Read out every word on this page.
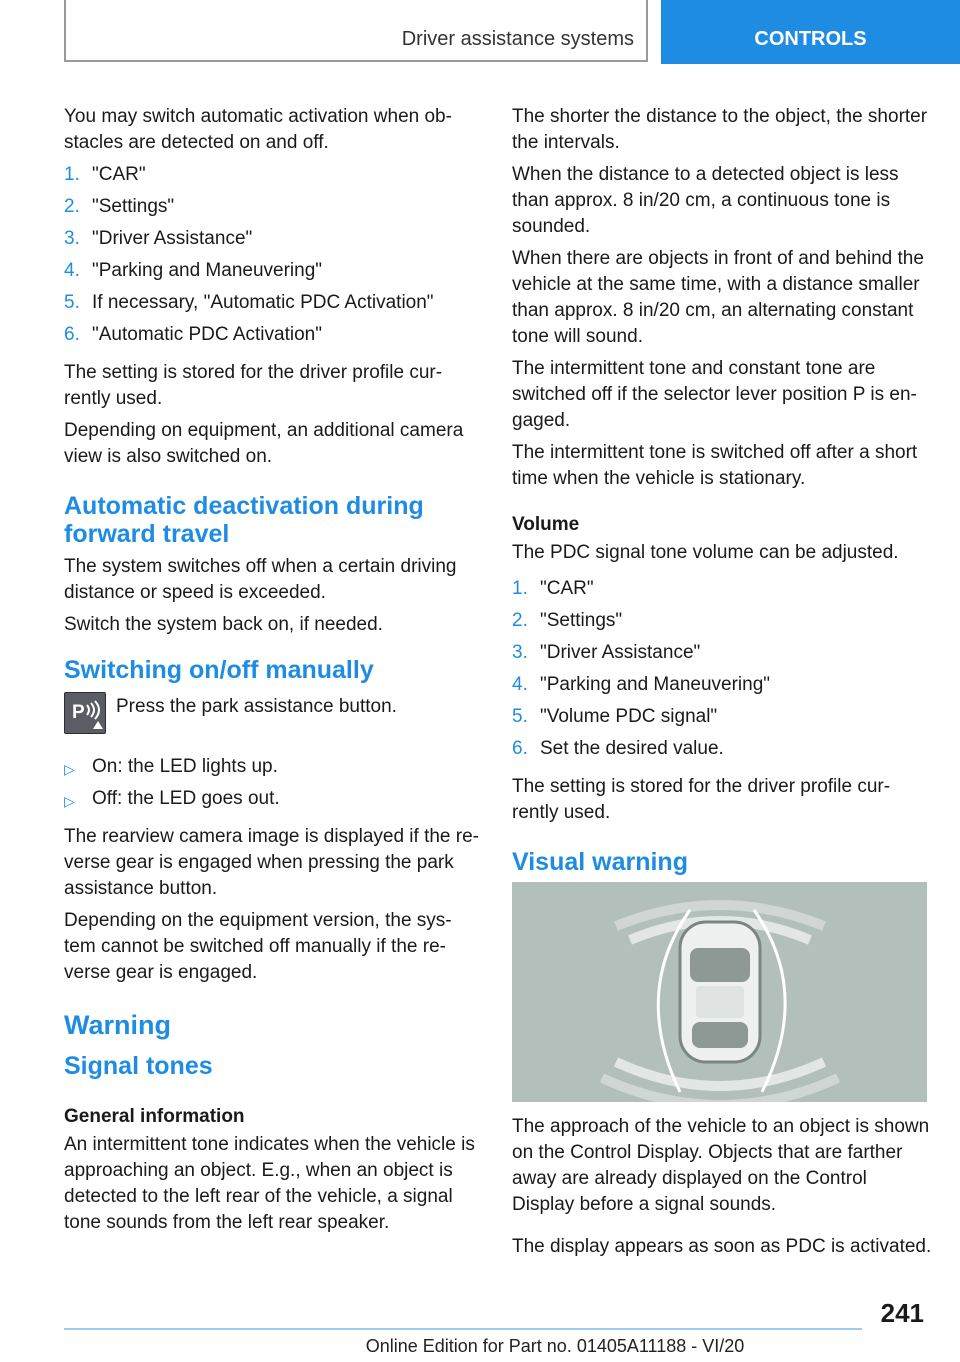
Driver assistance systems	CONTROLS

You may switch automatic activation when ob-stacles are detected on and off.

1. "CAR"
2. "Settings"
3. "Driver Assistance"
4. "Parking and Maneuvering"
5. If necessary, "Automatic PDC Activation"
6. "Automatic PDC Activation"

The setting is stored for the driver profile cur-rently used.

Depending on equipment, an additional camera view is also switched on.

Automatic deactivation during forward travel

The system switches off when a certain driving distance or speed is exceeded.

Switch the system back on, if needed.

Switching on/off manually
P	Press the park assistance button.
▷ On: the LED lights up.
▷ Off: the LED goes out.

The rearview camera image is displayed if the re-verse gear is engaged when pressing the park assistance button.

Depending on the equipment version, the sys-tem cannot be switched off manually if the re-verse gear is engaged.

Warning
Signal tones
General information

An intermittent tone indicates when the vehicle is approaching an object. E.g., when an object is detected to the left rear of the vehicle, a signal tone sounds from the left rear speaker.

The shorter the distance to the object, the shorter the intervals.

When the distance to a detected object is less than approx. 8 in/20 cm, a continuous tone is sounded.

When there are objects in front of and behind the vehicle at the same time, with a distance smaller than approx. 8 in/20 cm, an alternating constant tone will sound.

The intermittent tone and constant tone are switched off if the selector lever position P is en-gaged.

The intermittent tone is switched off after a short time when the vehicle is stationary.

Volume

The PDC signal tone volume can be adjusted.

1. "CAR"
2. "Settings"
3. "Driver Assistance"
4. "Parking and Maneuvering"
5. "Volume PDC signal"
6. Set the desired value.

The setting is stored for the driver profile cur-rently used.

Visual warning

The approach of the vehicle to an object is shown on the Control Display. Objects that are farther away are already displayed on the Control Display before a signal sounds.

The display appears as soon as PDC is activated.

241
Online Edition for Part no. 01405A11188 - VI/20
